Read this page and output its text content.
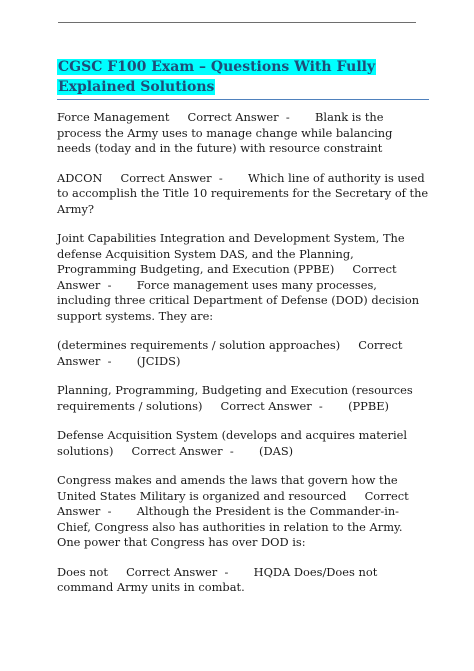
CGSC F100 Exam – Questions With Fully
Explained Solutions

Force Management     Correct Answer  -       Blank is the process the Army uses to manage change while balancing needs (today and in the future) with resource constraint

ADCON     Correct Answer  -       Which line of authority is used to accomplish the Title 10 requirements for the Secretary of the Army?

Joint Capabilities Integration and Development System, The defense Acquisition System DAS, and the Planning, Programming Budgeting, and Execution (PPBE)     Correct Answer  -       Force management uses many processes, including three critical Department of Defense (DOD) decision support systems. They are:

(determines requirements / solution approaches)     Correct Answer  -       (JCIDS)

Planning, Programming, Budgeting and Execution (resources requirements / solutions)     Correct Answer  -       (PPBE)

Defense Acquisition System (develops and acquires materiel solutions)     Correct Answer  -       (DAS)

Congress makes and amends the laws that govern how the United States Military is organized and resourced     Correct Answer  -       Although the President is the Commander-in-Chief, Congress also has authorities in relation to the Army. One power that Congress has over DOD is:

Does not     Correct Answer  -       HQDA Does/Does not command Army units in combat.
